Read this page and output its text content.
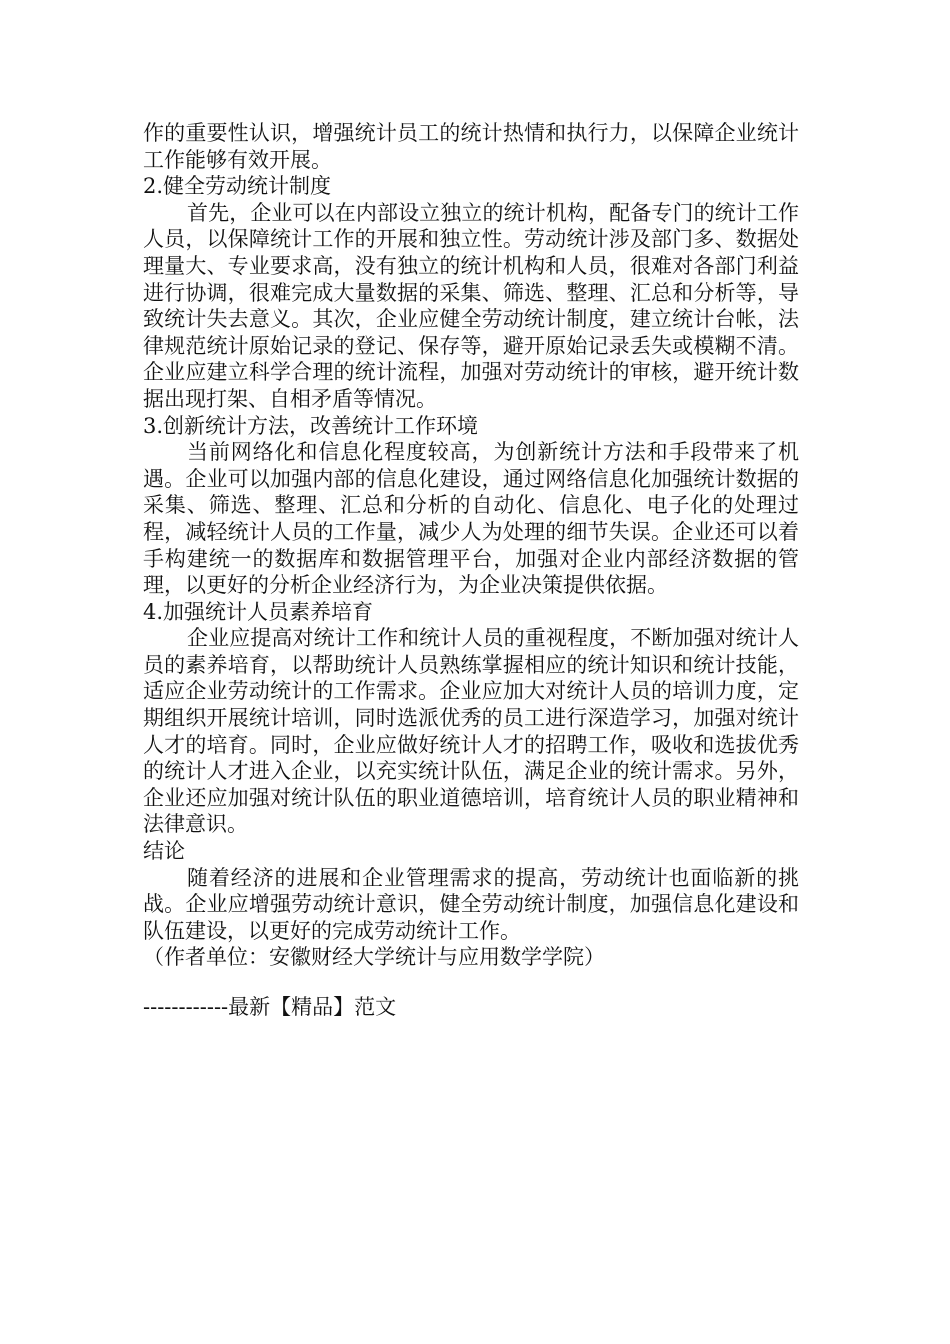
作的重要性认识，增强统计员工的统计热情和执行力，以保障企业统计工作能够有效开展。

2.健全劳动统计制度

首先，企业可以在内部设立独立的统计机构，配备专门的统计工作人员，以保障统计工作的开展和独立性。劳动统计涉及部门多、数据处理量大、专业要求高，没有独立的统计机构和人员，很难对各部门利益进行协调，很难完成大量数据的采集、筛选、整理、汇总和分析等，导致统计失去意义。其次，企业应健全劳动统计制度，建立统计台帐，法律规范统计原始记录的登记、保存等，避开原始记录丢失或模糊不清。企业应建立科学合理的统计流程，加强对劳动统计的审核，避开统计数据出现打架、自相矛盾等情况。

3.创新统计方法，改善统计工作环境

当前网络化和信息化程度较高，为创新统计方法和手段带来了机遇。企业可以加强内部的信息化建设，通过网络信息化加强统计数据的采集、筛选、整理、汇总和分析的自动化、信息化、电子化的处理过程，减轻统计人员的工作量，减少人为处理的细节失误。企业还可以着手构建统一的数据库和数据管理平台，加强对企业内部经济数据的管理，以更好的分析企业经济行为，为企业决策提供依据。

4.加强统计人员素养培育

企业应提高对统计工作和统计人员的重视程度，不断加强对统计人员的素养培育，以帮助统计人员熟练掌握相应的统计知识和统计技能，适应企业劳动统计的工作需求。企业应加大对统计人员的培训力度，定期组织开展统计培训，同时选派优秀的员工进行深造学习，加强对统计人才的培育。同时，企业应做好统计人才的招聘工作，吸收和选拔优秀的统计人才进入企业，以充实统计队伍，满足企业的统计需求。另外，企业还应加强对统计队伍的职业道德培训，培育统计人员的职业精神和法律意识。

结论

随着经济的进展和企业管理需求的提高，劳动统计也面临新的挑战。企业应增强劳动统计意识，健全劳动统计制度，加强信息化建设和队伍建设，以更好的完成劳动统计工作。

（作者单位：安徽财经大学统计与应用数学学院）

------------最新【精品】范文
